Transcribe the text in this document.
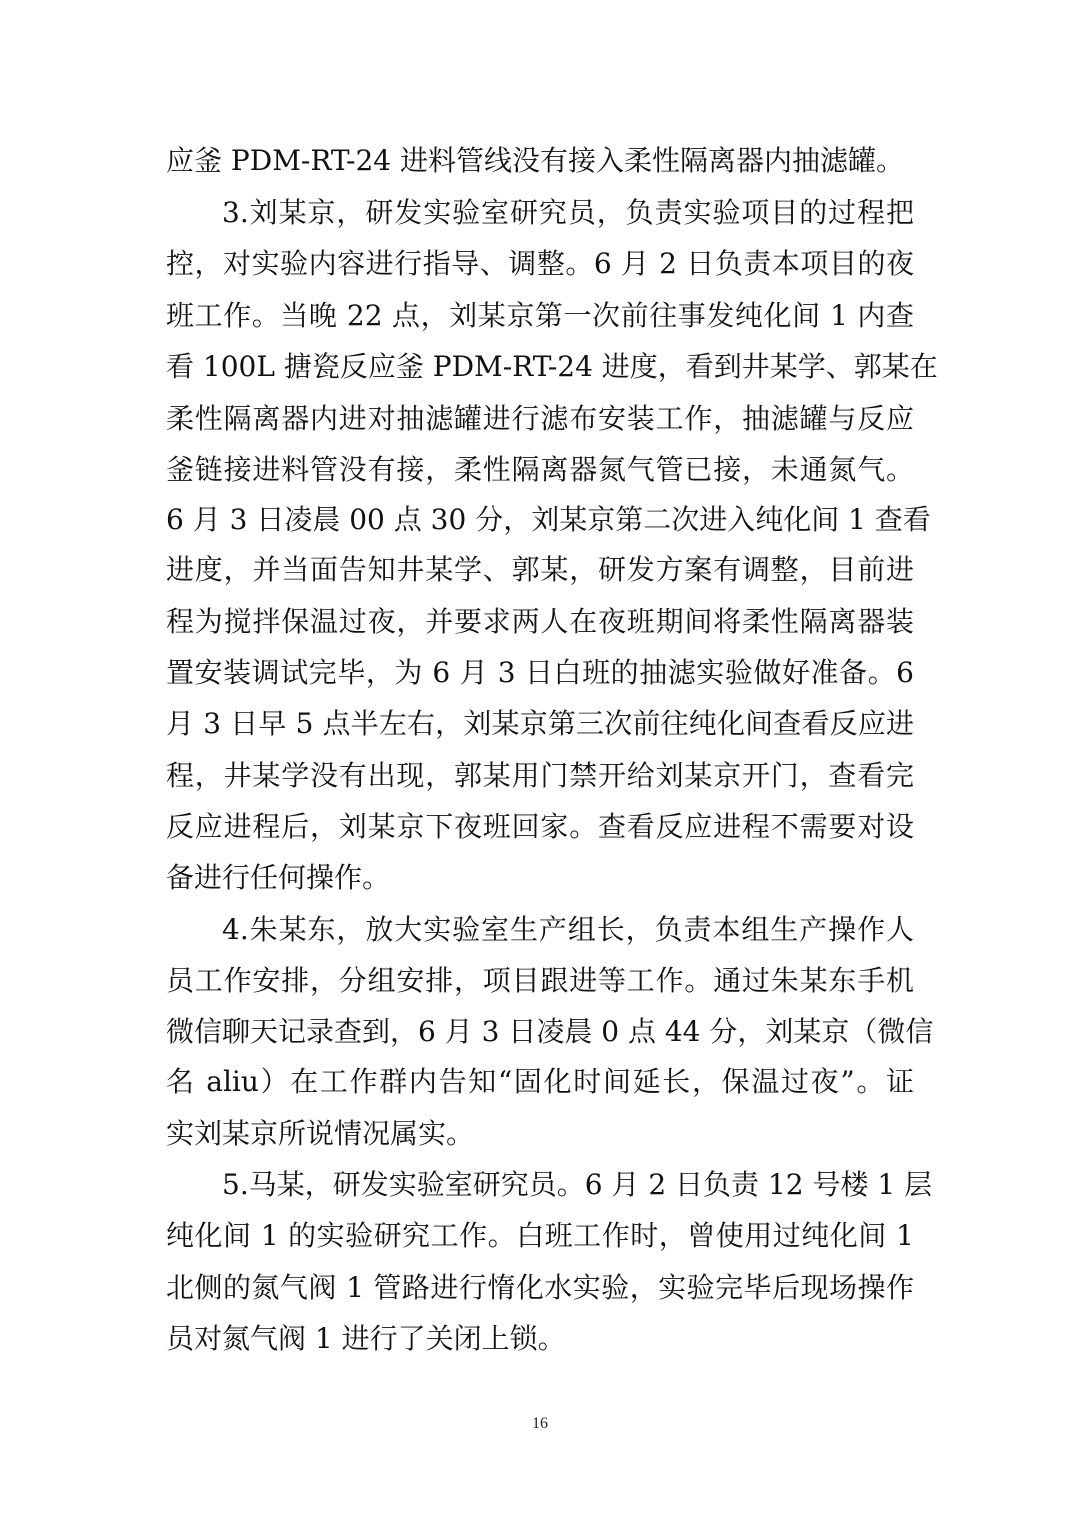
应釜 PDM-RT-24 进料管线没有接入柔性隔离器内抽滤罐。
3.刘某京，研发实验室研究员，负责实验项目的过程把
控，对实验内容进行指导、调整。6 月 2 日负责本项目的夜
班工作。当晚 22 点，刘某京第一次前往事发纯化间 1 内查
看 100L 搪瓷反应釜 PDM-RT-24 进度，看到井某学、郭某在
柔性隔离器内进对抽滤罐进行滤布安装工作，抽滤罐与反应
釜链接进料管没有接，柔性隔离器氮气管已接，未通氮气。
6 月 3 日凌晨 00 点 30 分，刘某京第二次进入纯化间 1 查看
进度，并当面告知井某学、郭某，研发方案有调整，目前进
程为搅拌保温过夜，并要求两人在夜班期间将柔性隔离器装
置安装调试完毕，为 6 月 3 日白班的抽滤实验做好准备。6
月 3 日早 5 点半左右，刘某京第三次前往纯化间查看反应进
程，井某学没有出现，郭某用门禁开给刘某京开门，查看完
反应进程后，刘某京下夜班回家。查看反应进程不需要对设
备进行任何操作。
4.朱某东，放大实验室生产组长，负责本组生产操作人
员工作安排，分组安排，项目跟进等工作。通过朱某东手机
微信聊天记录查到，6 月 3 日凌晨 0 点 44 分，刘某京（微信
名 aliu）在工作群内告知“固化时间延长，保温过夜”。证
实刘某京所说情况属实。
5.马某，研发实验室研究员。6 月 2 日负责 12 号楼 1 层
纯化间 1 的实验研究工作。白班工作时，曾使用过纯化间 1
北侧的氮气阀 1 管路进行惰化水实验，实验完毕后现场操作
员对氮气阀 1 进行了关闭上锁。
16
